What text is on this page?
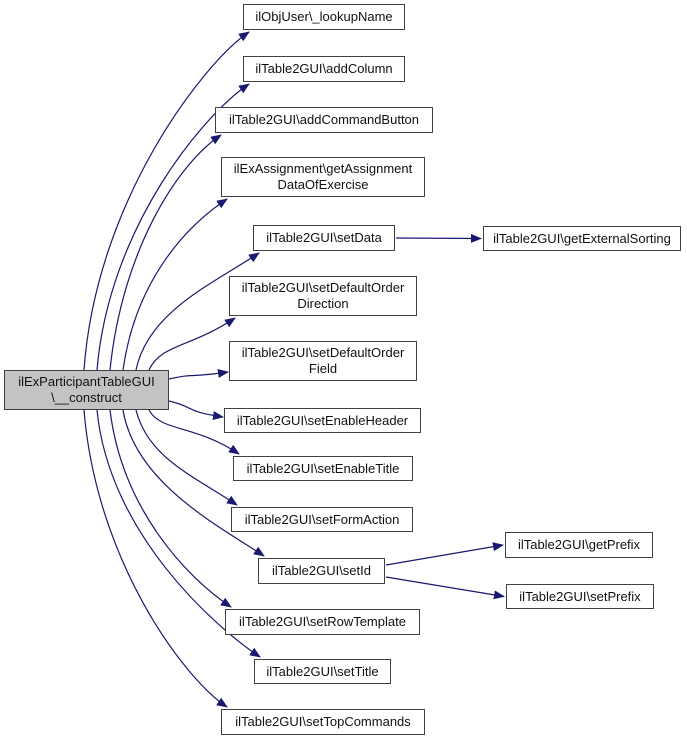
ilExParticipantTableGUI
\__construct
ilObjUser\_lookupName
ilTable2GUI\addColumn
ilTable2GUI\addCommandButton
ilExAssignment\getAssignment
DataOfExercise
ilTable2GUI\setData
ilTable2GUI\setDefaultOrder
Direction
ilTable2GUI\setDefaultOrder
Field
ilTable2GUI\setEnableHeader
ilTable2GUI\setEnableTitle
ilTable2GUI\setFormAction
ilTable2GUI\setId
ilTable2GUI\setRowTemplate
ilTable2GUI\setTitle
ilTable2GUI\setTopCommands
ilTable2GUI\getExternalSorting
ilTable2GUI\getPrefix
ilTable2GUI\setPrefix
